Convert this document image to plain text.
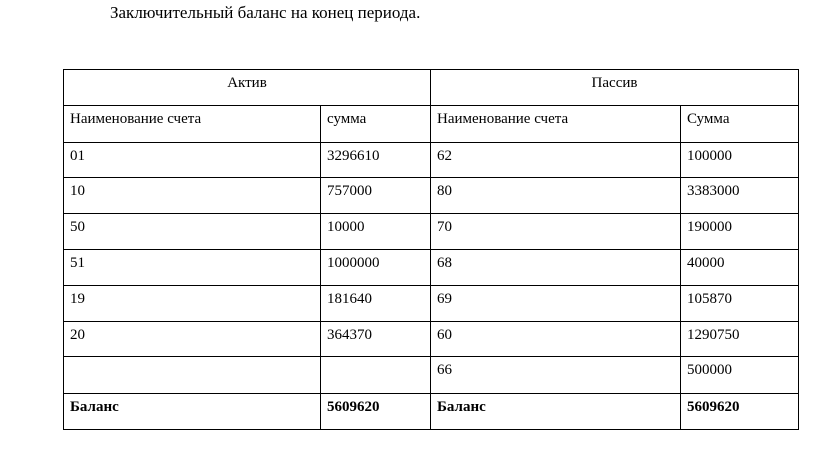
Заключительный баланс на конец периода.
Актив		Пассив	

Наименование счета	сумма	Наименование счета	Сумма

01	3296610	62	100000

10	757000	80	3383000

50	10000	70	190000

51	1000000	68	40000

19	181640	69	105870

20	364370	60	1290750

		66	500000

Баланс	5609620	Баланс	5609620
